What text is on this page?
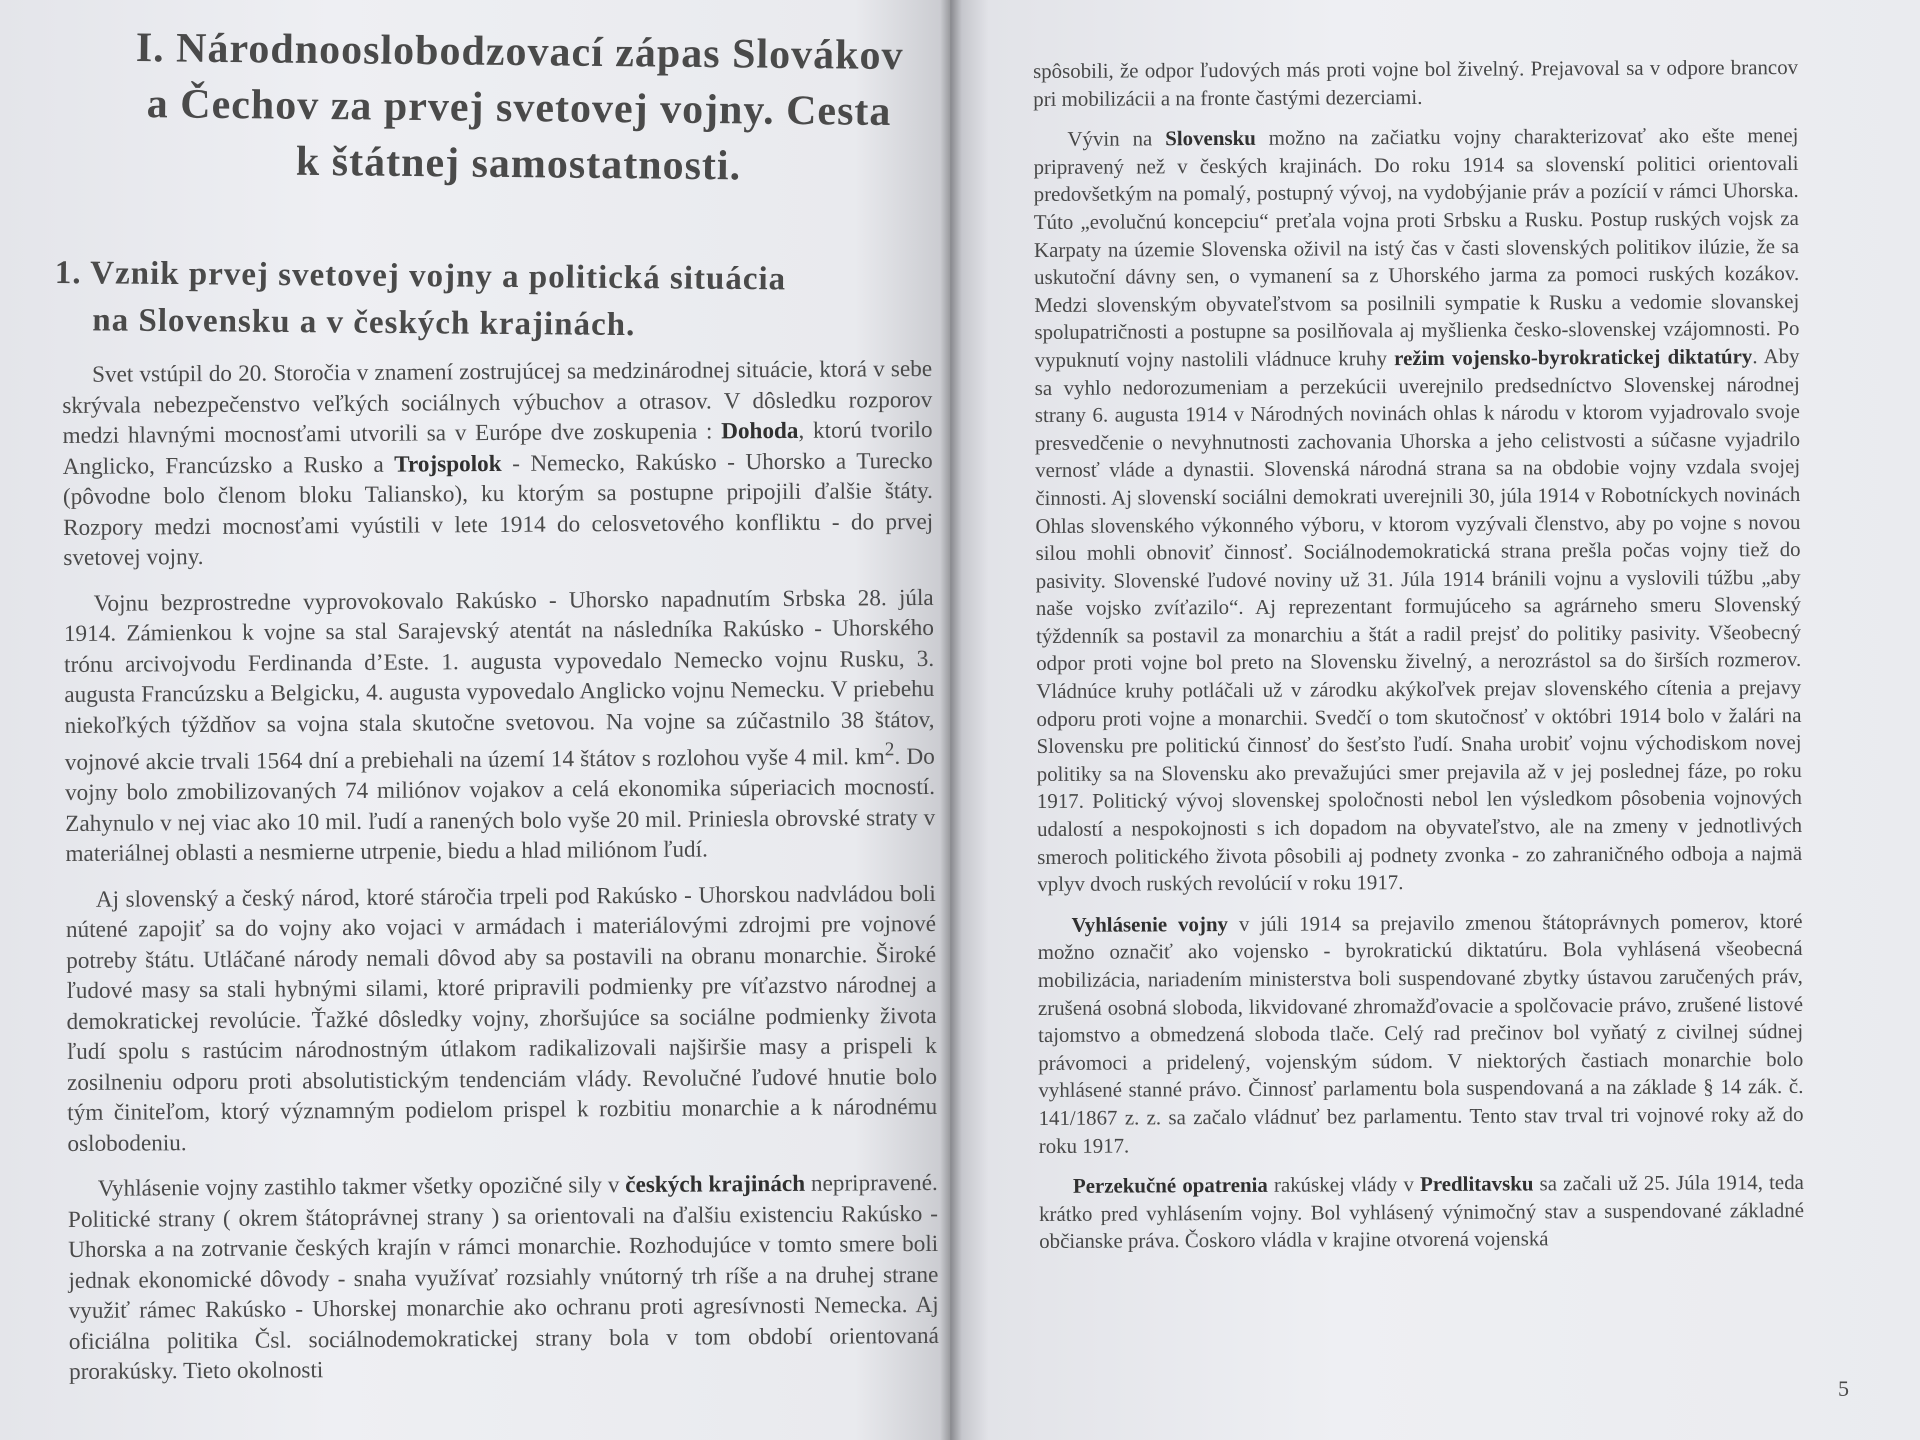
I. Národnooslobodzovací zápas Slovákov a Čechov za prvej svetovej vojny. Cesta k štátnej samostatnosti.
1. Vznik prvej svetovej vojny a politická situácia
na Slovensku a v českých krajinách.

Svet vstúpil do 20. Storočia v znamení zostrujúcej sa medzinárodnej situácie, ktorá v sebe skrývala nebezpečenstvo veľkých sociálnych výbuchov a otrasov. V dôsledku rozporov medzi hlavnými mocnosťami utvorili sa v Európe dve zoskupenia : Dohoda, ktorú tvorilo Anglicko, Francúzsko a Rusko a Trojspolok - Nemecko, Rakúsko - Uhorsko a Turecko (pôvodne bolo členom bloku Taliansko), ku ktorým sa postupne pripojili ďalšie štáty. Rozpory medzi mocnosťami vyústili v lete 1914 do celosvetového konfliktu - do prvej svetovej vojny.

Vojnu bezprostredne vyprovokovalo Rakúsko - Uhorsko napadnutím Srbska 28. júla 1914. Zámienkou k vojne sa stal Sarajevský atentát na následníka Rakúsko - Uhorského trónu arcivojvodu Ferdinanda d’Este. 1. augusta vypovedalo Nemecko vojnu Rusku, 3. augusta Francúzsku a Belgicku, 4. augusta vypovedalo Anglicko vojnu Nemecku. V priebehu niekoľkých týždňov sa vojna stala skutočne svetovou. Na vojne sa zúčastnilo 38 štátov, vojnové akcie trvali 1564 dní a prebiehali na území 14 štátov s rozlohou vyše 4 mil. $km^2$. Do vojny bolo zmobilizovaných 74 miliónov vojakov a celá ekonomika súperiacich mocností. Zahynulo v nej viac ako 10 mil. ľudí a ranených bolo vyše 20 mil. Priniesla obrovské straty v materiálnej oblasti a nesmierne utrpenie, biedu a hlad miliónom ľudí.

Aj slovenský a český národ, ktoré stáročia trpeli pod Rakúsko - Uhorskou nadvládou boli nútené zapojiť sa do vojny ako vojaci v armádach i materiálovými zdrojmi pre vojnové potreby štátu. Utláčané národy nemali dôvod aby sa postavili na obranu monarchie. Široké ľudové masy sa stali hybnými silami, ktoré pripravili podmienky pre víťazstvo národnej a demokratickej revolúcie. Ťažké dôsledky vojny, zhoršujúce sa sociálne podmienky života ľudí spolu s rastúcim národnostným útlakom radikalizovali najširšie masy a prispeli k zosilneniu odporu proti absolutistickým tendenciám vlády. Revolučné ľudové hnutie bolo tým činiteľom, ktorý významným podielom prispel k rozbitiu monarchie a k národnému oslobodeniu.

Vyhlásenie vojny zastihlo takmer všetky opozičné sily v českých krajinách nepripravené. Politické strany ( okrem štátoprávnej strany ) sa orientovali na ďalšiu existenciu Rakúsko - Uhorska a na zotrvanie českých krajín v rámci monarchie. Rozhodujúce v tomto smere boli jednak ekonomické dôvody - snaha využívať rozsiahly vnútorný trh ríše a na druhej strane využiť rámec Rakúsko - Uhorskej monarchie ako ochranu proti agresívnosti Nemecka. Aj oficiálna politika Čsl. sociálnodemokratickej strany bola v tom období orientovaná prorakúsky. Tieto okolnosti

spôsobili, že odpor ľudových más proti vojne bol živelný. Prejavoval sa v odpore brancov pri mobilizácii a na fronte častými dezerciami.

Vývin na Slovensku možno na začiatku vojny charakterizovať ako ešte menej pripravený než v českých krajinách. Do roku 1914 sa slovenskí politici orientovali predovšetkým na pomalý, postupný vývoj, na vydobýjanie práv a pozícií v rámci Uhorska. Túto „evolučnú koncepciu“ preťala vojna proti Srbsku a Rusku. Postup ruských vojsk za Karpaty na územie Slovenska oživil na istý čas v časti slovenských politikov ilúzie, že sa uskutoční dávny sen, o vymanení sa z Uhorského jarma za pomoci ruských kozákov. Medzi slovenským obyvateľstvom sa posilnili sympatie k Rusku a vedomie slovanskej spolupatričnosti a postupne sa posilňovala aj myšlienka česko-slovenskej vzájomnosti. Po vypuknutí vojny nastolili vládnuce kruhy režim vojensko-byrokratickej diktatúry. Aby sa vyhlo nedorozumeniam a perzekúcii uverejnilo predsedníctvo Slovenskej národnej strany 6. augusta 1914 v Národných novinách ohlas k národu v ktorom vyjadrovalo svoje presvedčenie o nevyhnutnosti zachovania Uhorska a jeho celistvosti a súčasne vyjadrilo vernosť vláde a dynastii. Slovenská národná strana sa na obdobie vojny vzdala svojej činnosti. Aj slovenskí sociálni demokrati uverejnili 30, júla 1914 v Robotníckych novinách Ohlas slovenského výkonného výboru, v ktorom vyzývali členstvo, aby po vojne s novou silou mohli obnoviť činnosť. Sociálnodemokratická strana prešla počas vojny tiež do pasivity. Slovenské ľudové noviny už 31. Júla 1914 bránili vojnu a vyslovili túžbu „aby naše vojsko zvíťazilo“. Aj reprezentant formujúceho sa agrárneho smeru Slovenský týždenník sa postavil za monarchiu a štát a radil prejsť do politiky pasivity. Všeobecný odpor proti vojne bol preto na Slovensku živelný, a nerozrástol sa do širších rozmerov. Vládnúce kruhy potláčali už v zárodku akýkoľvek prejav slovenského cítenia a prejavy odporu proti vojne a monarchii. Svedčí o tom skutočnosť v októbri 1914 bolo v žalári na Slovensku pre politickú činnosť do šesťsto ľudí. Snaha urobiť vojnu východiskom novej politiky sa na Slovensku ako prevažujúci smer prejavila až v jej poslednej fáze, po roku 1917. Politický vývoj slovenskej spoločnosti nebol len výsledkom pôsobenia vojnových udalostí a nespokojnosti s ich dopadom na obyvateľstvo, ale na zmeny v jednotlivých smeroch politického života pôsobili aj podnety zvonka - zo zahraničného odboja a najmä vplyv dvoch ruských revolúcií v roku 1917.

Vyhlásenie vojny v júli 1914 sa prejavilo zmenou štátoprávnych pomerov, ktoré možno označiť ako vojensko - byrokratickú diktatúru. Bola vyhlásená všeobecná mobilizácia, nariadením ministerstva boli suspendované zbytky ústavou zaručených práv, zrušená osobná sloboda, likvidované zhromažďovacie a spolčovacie právo, zrušené listové tajomstvo a obmedzená sloboda tlače. Celý rad prečinov bol vyňatý z civilnej súdnej právomoci a pridelený, vojenským súdom. V niektorých častiach monarchie bolo vyhlásené stanné právo. Činnosť parlamentu bola suspendovaná a na základe § 14 zák. č. 141/1867 z. z. sa začalo vládnuť bez parlamentu. Tento stav trval tri vojnové roky až do roku 1917.

Perzekučné opatrenia rakúskej vlády v Predlitavsku sa začali už 25. Júla 1914, teda krátko pred vyhlásením vojny. Bol vyhlásený výnimočný stav a suspendované základné občianske práva. Čoskoro vládla v krajine otvorená vojenská

5
